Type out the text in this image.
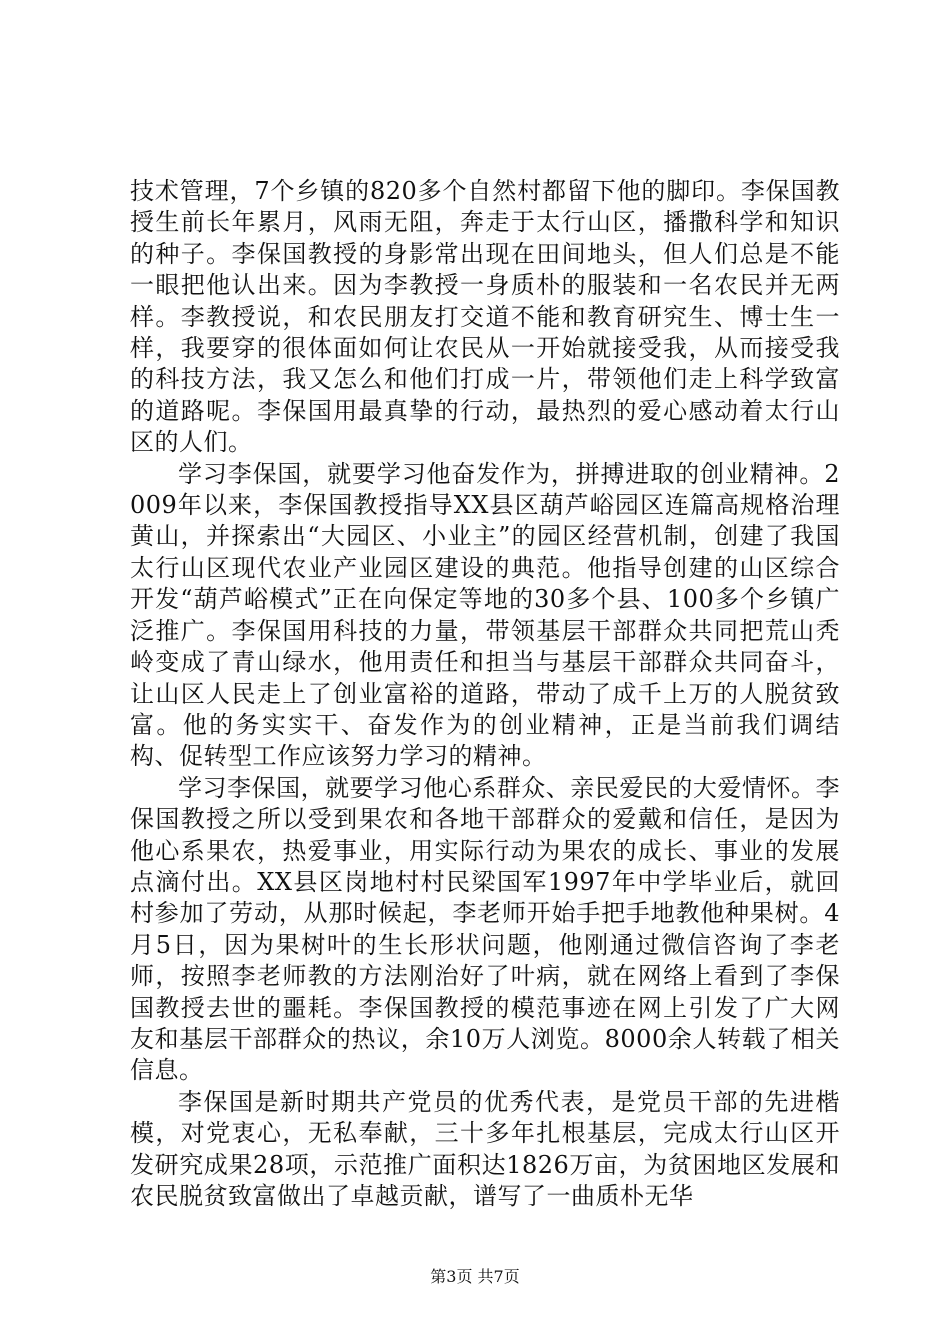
技术管理，7个乡镇的820多个自然村都留下他的脚印。李保国教授生前长年累月，风雨无阻，奔走于太行山区，播撒科学和知识的种子。李保国教授的身影常出现在田间地头，但人们总是不能一眼把他认出来。因为李教授一身质朴的服装和一名农民并无两样。李教授说，和农民朋友打交道不能和教育研究生、博士生一样，我要穿的很体面如何让农民从一开始就接受我，从而接受我的科技方法，我又怎么和他们打成一片，带领他们走上科学致富的道路呢。李保国用最真挚的行动，最热烈的爱心感动着太行山区的人们。

学习李保国，就要学习他奋发作为，拼搏进取的创业精神。2009年以来，李保国教授指导XX县区葫芦峪园区连篇高规格治理黄山，并探索出“大园区、小业主”的园区经营机制，创建了我国太行山区现代农业产业园区建设的典范。他指导创建的山区综合开发“葫芦峪模式”正在向保定等地的30多个县、100多个乡镇广泛推广。李保国用科技的力量，带领基层干部群众共同把荒山秃岭变成了青山绿水，他用责任和担当与基层干部群众共同奋斗，让山区人民走上了创业富裕的道路，带动了成千上万的人脱贫致富。他的务实实干、奋发作为的创业精神，正是当前我们调结构、促转型工作应该努力学习的精神。

学习李保国，就要学习他心系群众、亲民爱民的大爱情怀。李保国教授之所以受到果农和各地干部群众的爱戴和信任，是因为他心系果农，热爱事业，用实际行动为果农的成长、事业的发展点滴付出。XX县区岗地村村民梁国军1997年中学毕业后，就回村参加了劳动，从那时候起，李老师开始手把手地教他种果树。4月5日，因为果树叶的生长形状问题，他刚通过微信咨询了李老师，按照李老师教的方法刚治好了叶病，就在网络上看到了李保国教授去世的噩耗。李保国教授的模范事迹在网上引发了广大网友和基层干部群众的热议，余10万人浏览。8000余人转载了相关信息。

李保国是新时期共产党员的优秀代表，是党员干部的先进楷模，对党衷心，无私奉献，三十多年扎根基层，完成太行山区开发研究成果28项，示范推广面积达1826万亩，为贫困地区发展和农民脱贫致富做出了卓越贡献，谱写了一曲质朴无华

第3页 共7页
